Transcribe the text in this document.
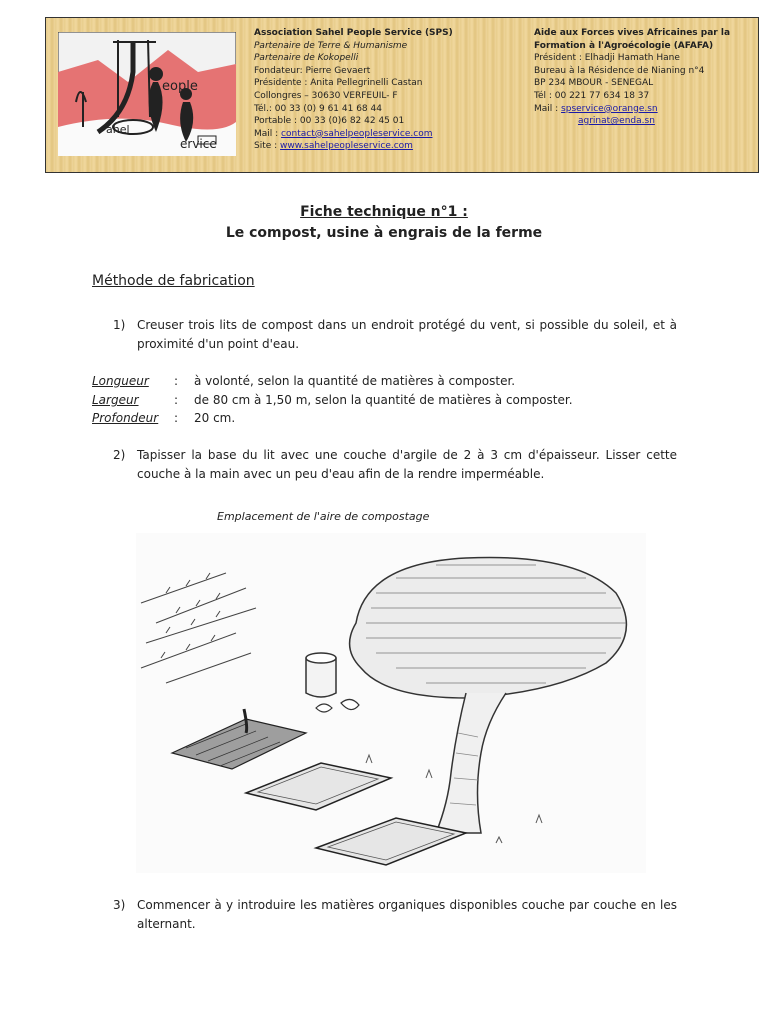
ahel
eople
ervice
Association Sahel People Service (SPS)
Partenaire de Terre & Humanisme
Partenaire de Kokopelli
Fondateur: Pierre Gevaert
Présidente : Anita Pellegrinelli Castan
Collongres – 30630 VERFEUIL- F
Tél.: 00 33 (0) 9 61 41 68 44
Portable : 00 33 (0)6 82 42 45 01
Mail : contact@sahelpeopleservice.com
Site : www.sahelpeopleservice.com
Aide aux Forces vives Africaines par la
Formation à l'Agroécologie (AFAFA)
Président : Elhadji Hamath Hane
Bureau à la Résidence de Nianing n°4
BP 234 MBOUR - SENEGAL
Tél : 00 221 77 634 18 37
Mail : spservice@orange.sn
agrinat@enda.sn
Fiche technique n°1 :
Le compost, usine à engrais de la ferme
Méthode de fabrication
1) Creuser trois lits de compost dans un endroit protégé du vent, si possible du soleil, et à proximité d'un point d'eau.
Longueur : à volonté, selon la quantité de matières à composter.
Largeur	: de 80 cm à 1,50 m, selon la quantité de matières à composter.
Profondeur : 20 cm.
2) Tapisser la base du lit avec une couche d'argile de 2 à 3 cm d'épaisseur. Lisser cette couche à la main avec un peu d'eau afin de la rendre imperméable.
Emplacement de l'aire de compostage
3) Commencer à y introduire les matières organiques disponibles couche par couche en les alternant.
